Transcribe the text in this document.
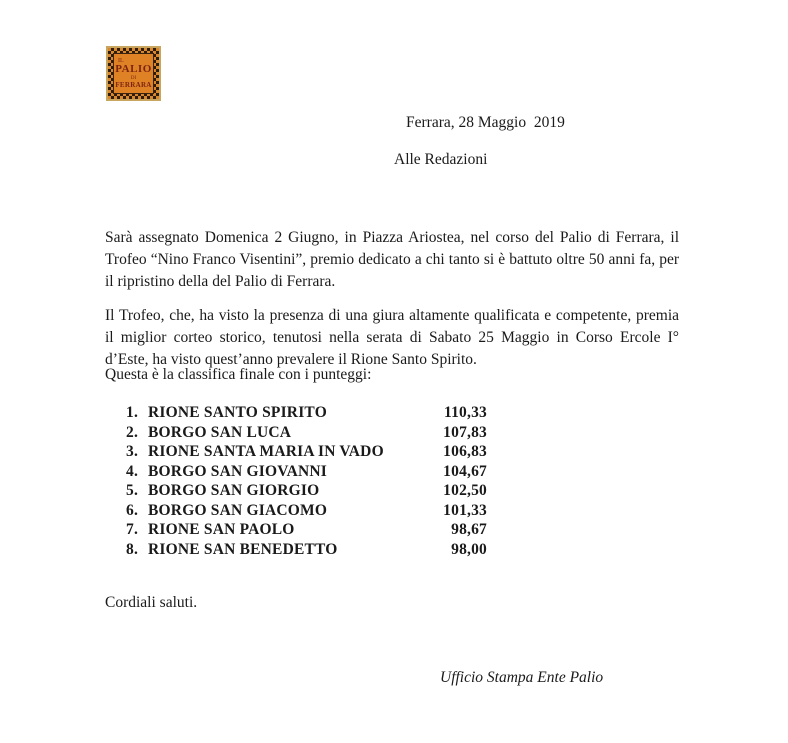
IL
PALIO
DI
FERRARA
Ferrara, 28 Maggio  2019
Alle Redazioni

Sarà assegnato Domenica 2 Giugno, in Piazza Ariostea, nel corso del Palio di Ferrara, il Trofeo “Nino Franco Visentini”, premio dedicato a chi tanto si è battuto oltre 50 anni fa, per il ripristino della del Palio di Ferrara.

Il Trofeo, che, ha visto la presenza di una giura altamente qualificata e competente, premia il miglior corteo storico, tenutosi nella serata di Sabato 25 Maggio in Corso Ercole I° d’Este, ha visto quest’anno prevalere il Rione Santo Spirito.

Questa è la classifica finale con i punteggi:
1. RIONE SANTO SPIRITO	110,33
2. BORGO SAN LUCA	107,83
3. RIONE SANTA MARIA IN VADO	106,83
4. BORGO SAN GIOVANNI	104,67
5. BORGO SAN GIORGIO	102,50
6. BORGO SAN GIACOMO	101,33
7. RIONE SAN PAOLO	98,67
8. RIONE SAN BENEDETTO	98,00
Cordiali saluti.
Ufficio Stampa Ente Palio
